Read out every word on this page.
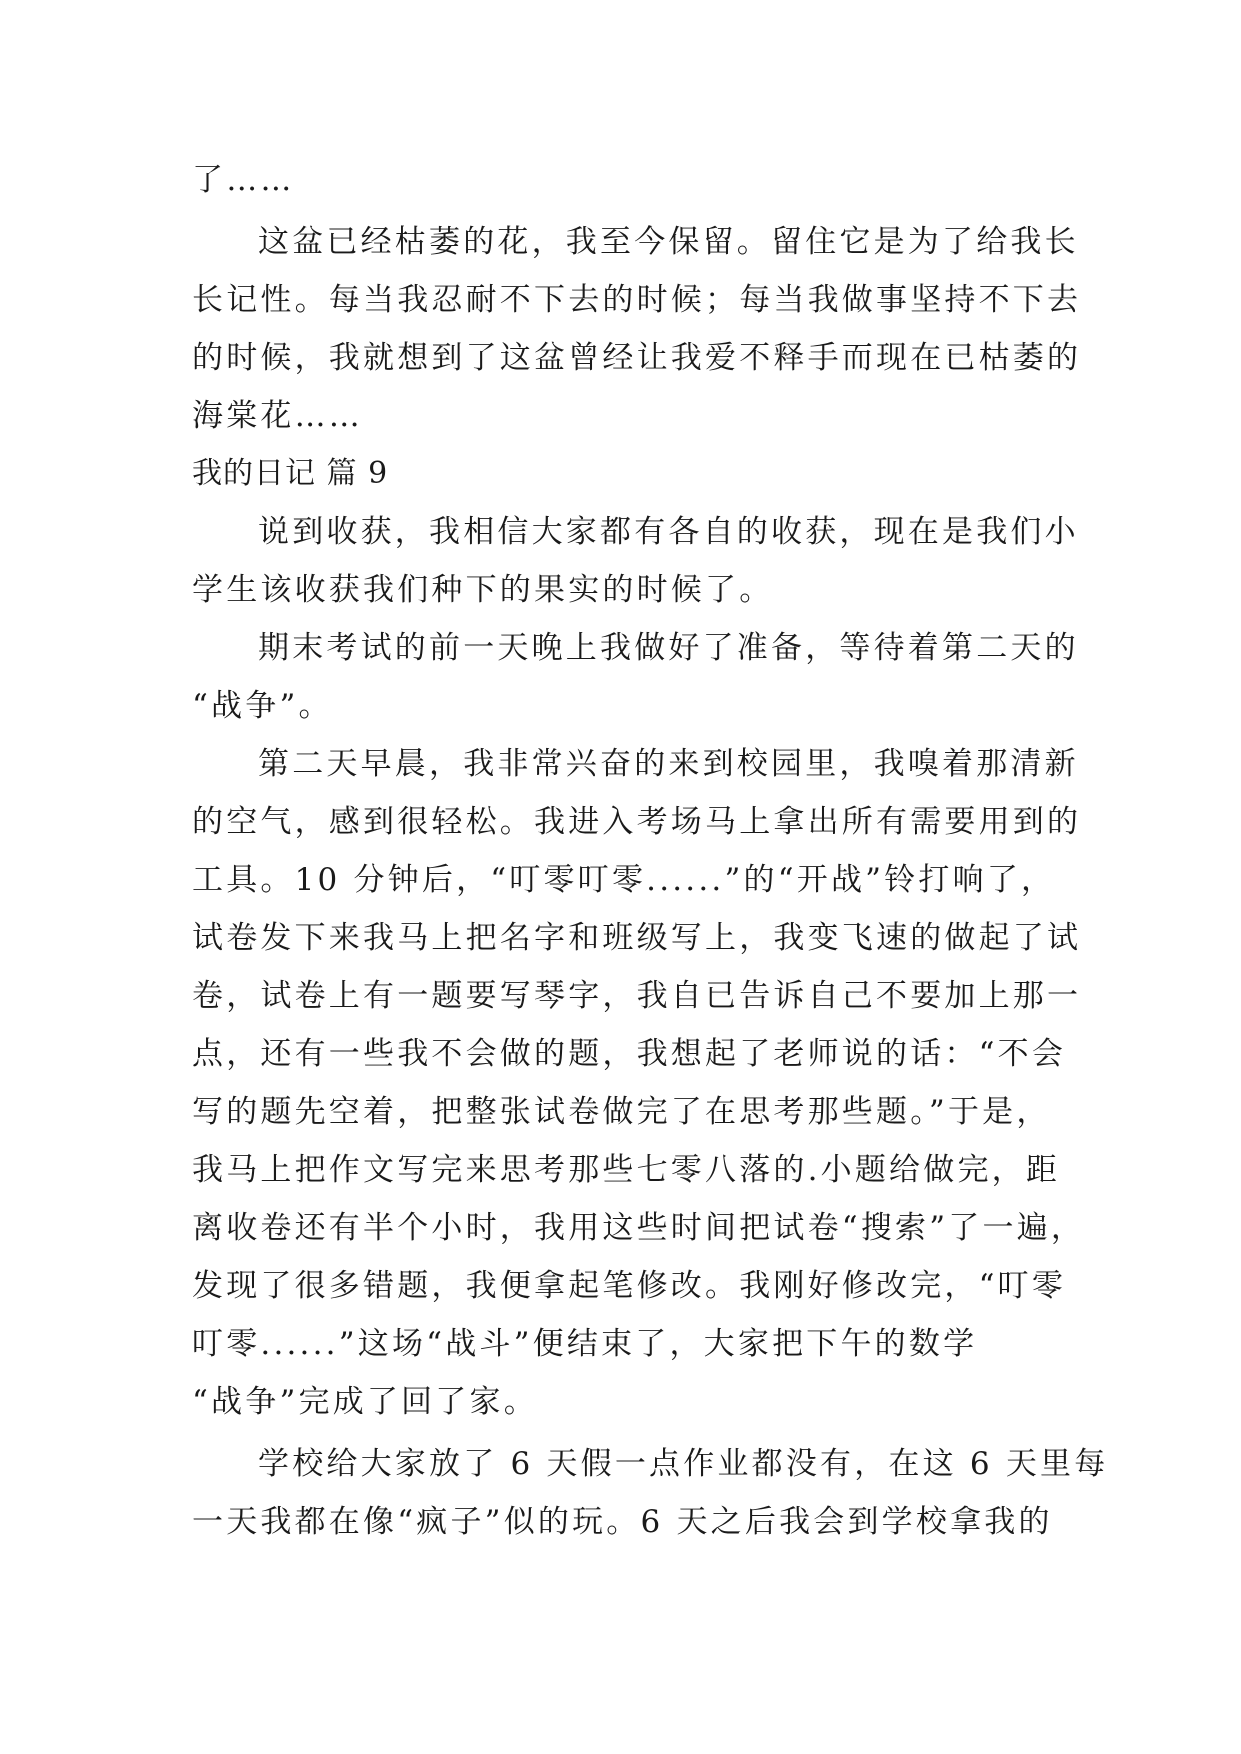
了……
这盆已经枯萎的花，我至今保留。留住它是为了给我长
长记性。每当我忍耐不下去的时候；每当我做事坚持不下去
的时候，我就想到了这盆曾经让我爱不释手而现在已枯萎的
海棠花……
我的日记 篇 9
说到收获，我相信大家都有各自的收获，现在是我们小
学生该收获我们种下的果实的时候了。
期末考试的前一天晚上我做好了准备，等待着第二天的
“战争”。
第二天早晨，我非常兴奋的来到校园里，我嗅着那清新
的空气，感到很轻松。我进入考场马上拿出所有需要用到的
工具。10 分钟后，“叮零叮零......”的“开战”铃打响了，
试卷发下来我马上把名字和班级写上，我变飞速的做起了试
卷，试卷上有一题要写琴字，我自已告诉自己不要加上那一
点，还有一些我不会做的题，我想起了老师说的话：“不会
写的题先空着，把整张试卷做完了在思考那些题。”于是，
我马上把作文写完来思考那些七零八落的.小题给做完，距
离收卷还有半个小时，我用这些时间把试卷“搜索”了一遍，
发现了很多错题，我便拿起笔修改。我刚好修改完，“叮零
叮零......”这场“战斗”便结束了，大家把下午的数学
“战争”完成了回了家。
学校给大家放了 6 天假一点作业都没有，在这 6 天里每
一天我都在像“疯子”似的玩。6 天之后我会到学校拿我的
